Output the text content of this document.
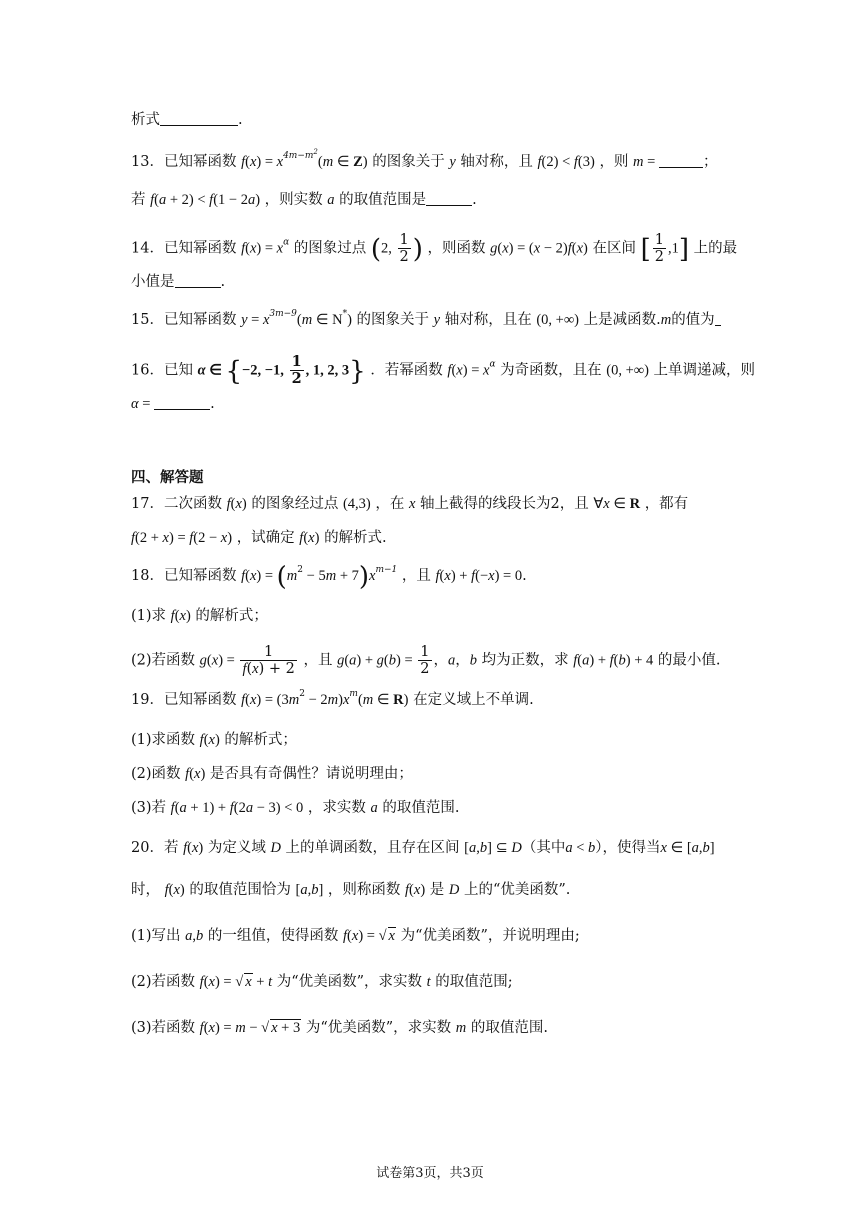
析式	.
13．已知幂函数 $f(x) = x^{4m-m^2}(m$ ∈ Z) 的图象关于 y 轴对称，且 f(2) < f(3) ，则 m =	；
若 f(a + 2) < f(1 − 2a) ，则实数 a 的取值范围是	.
14．已知幂函数 $f(x) = x^\alpha$ 的图象过点 (2, $\frac{1}{2}$ ) ，则函数 g(x) = (x − 2)f(x) 在区间 [ $\frac{1}{2} ,1$] 上的最
小值是	.
15．已知幂函数 $y = x^{3m-9}(m$ ∈ N*) 的图象关于 y 轴对称，且在 (0, +∞) 上是减函数.m的值为
16．已知 α ∈ {−2, −1, $\frac{1}{2}$ , 1, 2, 3} ．若幂函数 $f(x) = x^\alpha$ 为奇函数，且在 (0, +∞) 上单调递减，则
α =	.
四、解答题
17．二次函数 f(x) 的图象经过点 (4,3) ，在 x 轴上截得的线段长为2，且 ∀x ∈ R ，都有
f(2 + x) = f(2 − x) ，试确定 f(x) 的解析式.
18．已知幂函数 $f(x) = (m^2 - 5m + 7)x^{m-1}$ ，且 f(x) + f(−x) = 0.
(1)求 f(x) 的解析式；
(2)若函数 $g(x) = \frac{1}{f(x) + 2}$ ，且 $g(a) + g(b) = \frac{1}{2}$ ，a，b 均为正数，求 f(a) + f(b) + 4 的最小值.
19．已知幂函数 $f(x) = (3m^2 - 2m)x^m(m$ ∈ R) 在定义域上不单调.
(1)求函数 f(x) 的解析式；
(2)函数 f(x) 是否具有奇偶性？请说明理由；
(3)若 f(a + 1) + f(2a − 3) < 0 ，求实数 a 的取值范围.
20．若 f(x) 为定义域 D 上的单调函数，且存在区间 [a,b] ⊆ D（其中a < b），使得当x ∈ [a,b]
时， f(x) 的取值范围恰为 [a,b] ，则称函数 f(x) 是 D 上的“优美函数”.
(1)写出 a,b 的一组值，使得函数 f(x) = √ x 为“优美函数”，并说明理由;
(2)若函数 f(x) = √ x + t 为“优美函数”，求实数 t 的取值范围;
(3)若函数 f(x) = m − √ x + 3 为“优美函数”，求实数 m 的取值范围.
试卷第3页，共3页
